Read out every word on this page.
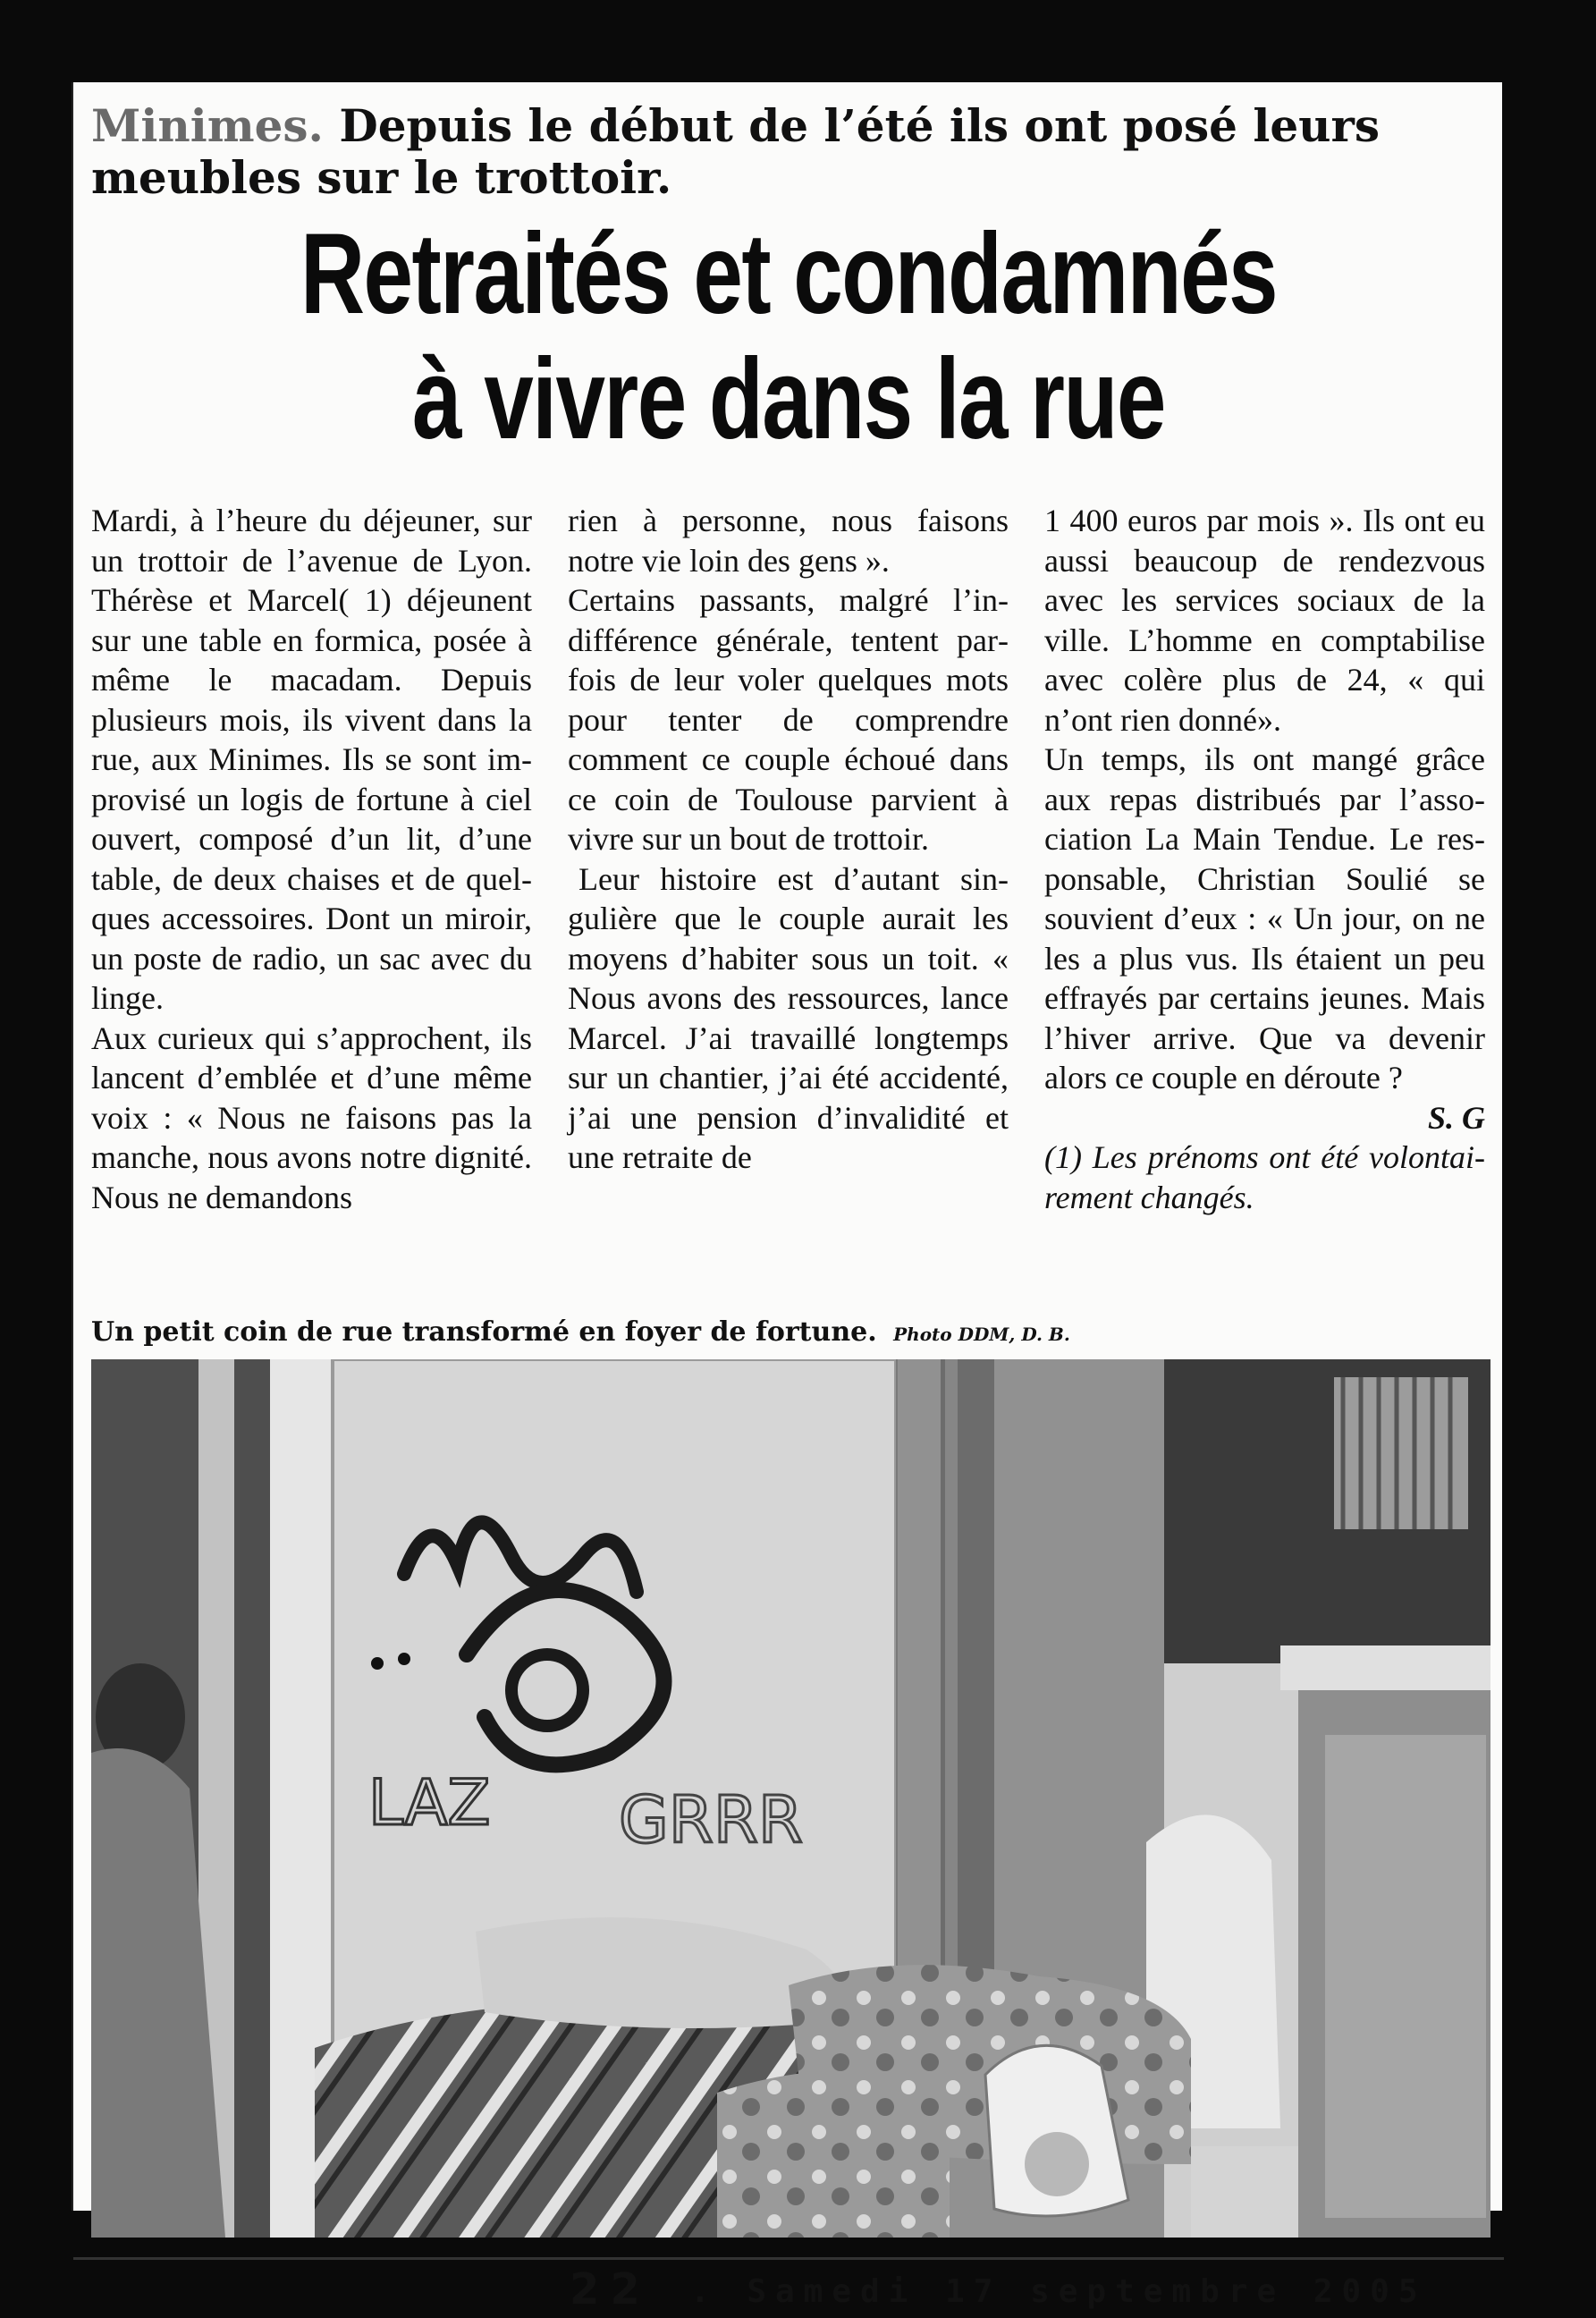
Minimes. Depuis le début de l’été ils ont posé leurs meubles sur le trottoir.
Retraités et condamnés
à vivre dans la rue

Mardi, à l’heure du déjeuner, sur un trottoir de l’avenue de Lyon. Thérèse et Marcel( 1) déjeunent sur une table en formica, posée à même le macadam. Depuis plusieurs mois, ils vivent dans la rue, aux Minimes. Ils se sont improvisé un logis de fortune à ciel ouvert, composé d’un lit, d’une table, de deux chaises et de quelques accessoires. Dont un miroir, un poste de radio, un sac avec du linge.

Aux curieux qui s’approchent, ils lancent d’emblée et d’une même voix : « Nous ne faisons pas la manche, nous avons notre dignité. Nous ne demandons

rien à personne, nous faisons notre vie loin des gens ».

Certains passants, malgré l’indifférence générale, tentent parfois de leur voler quelques mots pour tenter de comprendre comment ce couple échoué dans ce coin de Toulouse parvient à vivre sur un bout de trottoir.

Leur histoire est d’autant singulière que le couple aurait les moyens d’habiter sous un toit. « Nous avons des ressources, lance Marcel. J’ai travaillé longtemps sur un chantier, j’ai été accidenté, j’ai une pension d’invalidité et une retraite de

1 400 euros par mois ». Ils ont eu aussi beaucoup de rendezvous avec les services sociaux de la ville. L’homme en comptabilise avec colère plus de 24, « qui n’ont rien donné».

Un temps, ils ont mangé grâce aux repas distribués par l’association La Main Tendue. Le responsable, Christian Soulié se souvient d’eux : « Un jour, on ne les a plus vus. Ils étaient un peu effrayés par certains jeunes. Mais l’hiver arrive. Que va devenir alors ce couple en déroute ?

S. G

(1) Les prénoms ont été volontairement changés.

Un petit coin de rue transformé en foyer de fortune. Photo DDM, D. B.
LAZ GRRR
22 . Samedi 17 septembre 2005
